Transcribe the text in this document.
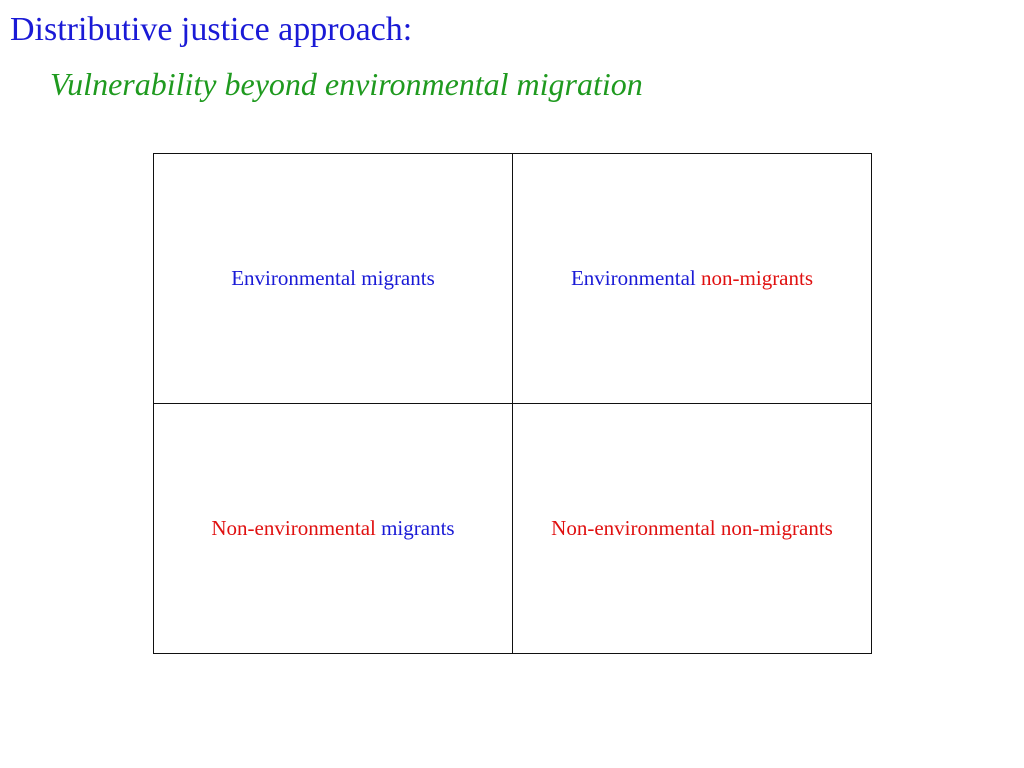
Distributive justice approach:
Vulnerability beyond environmental migration
Environmental migrants	Environmental non-migrants
Non-environmental migrants	Non-environmental non-migrants
